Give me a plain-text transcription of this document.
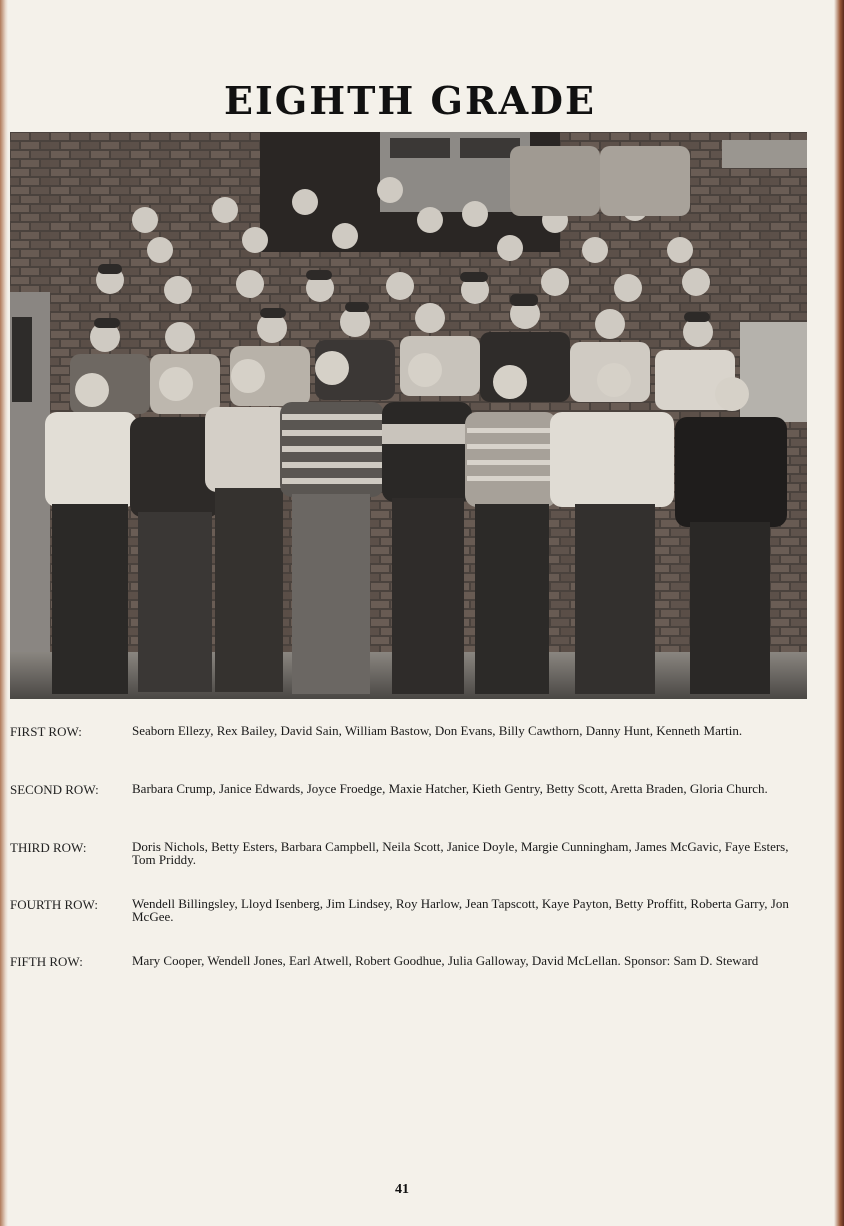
EIGHTH GRADE
FIRST ROW:	Seaborn Ellezy, Rex Bailey, David Sain, William Bastow, Don Evans, Billy Cawthorn, Danny Hunt, Kenneth Martin.
SECOND ROW:	Barbara Crump, Janice Edwards, Joyce Froedge, Maxie Hatcher, Kieth Gentry, Betty Scott, Aretta Braden, Gloria Church.
THIRD ROW:	Doris Nichols, Betty Esters, Barbara Campbell, Neila Scott, Janice Doyle, Margie Cunningham, James McGavic, Faye Esters, Tom Priddy.
FOURTH ROW:	Wendell Billingsley, Lloyd Isenberg, Jim Lindsey, Roy Harlow, Jean Tapscott, Kaye Payton, Betty Proffitt, Roberta Garry, Jon McGee.
FIFTH ROW:	Mary Cooper, Wendell Jones, Earl Atwell, Robert Goodhue, Julia Galloway, David McLellan. Sponsor: Sam D. Steward
41
